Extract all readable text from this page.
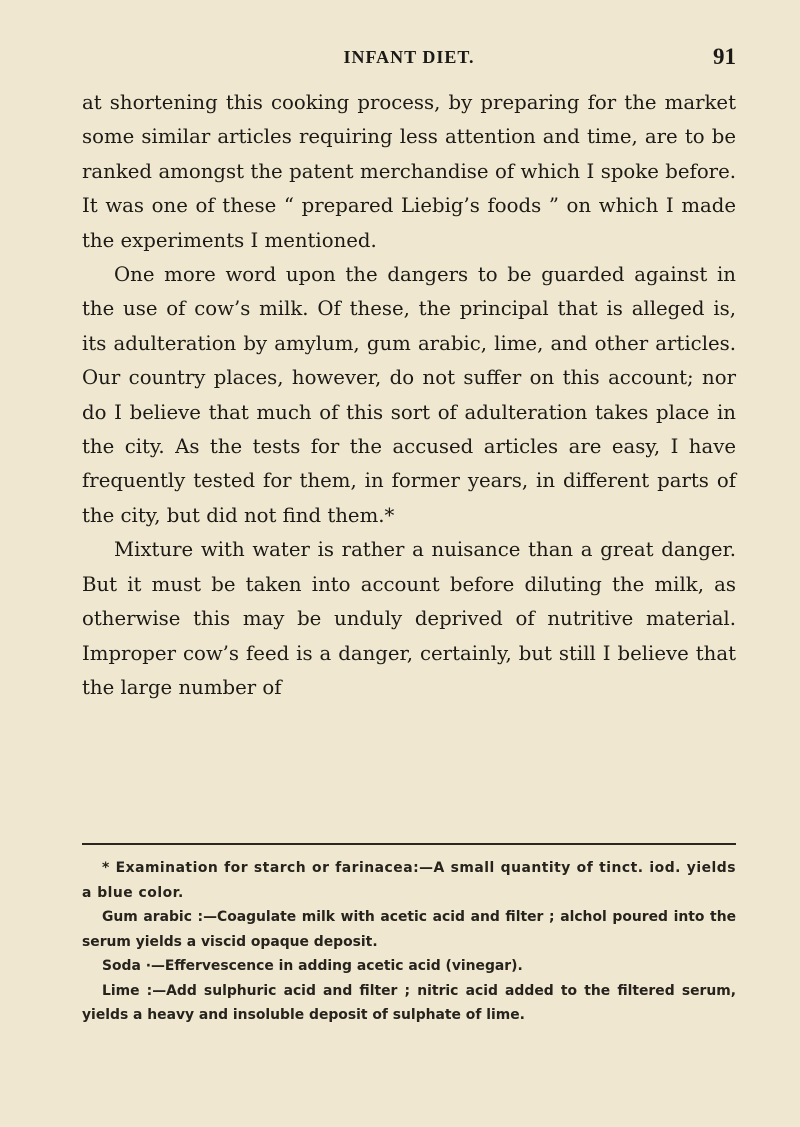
INFANT DIET.	91

at shortening this cooking process, by preparing for the market some similar articles requiring less attention and time, are to be ranked amongst the patent merchandise of which I spoke before. It was one of these “ prepared Liebig’s foods ” on which I made the experiments I mentioned.

One more word upon the dangers to be guarded against in the use of cow’s milk. Of these, the principal that is alleged is, its adulteration by amylum, gum arabic, lime, and other articles. Our country places, however, do not suffer on this account; nor do I believe that much of this sort of adulteration takes place in the city. As the tests for the accused articles are easy, I have frequently tested for them, in former years, in different parts of the city, but did not find them.*

Mixture with water is rather a nuisance than a great danger. But it must be taken into account before diluting the milk, as otherwise this may be unduly deprived of nutritive material. Improper cow’s feed is a danger, certainly, but still I believe that the large number of

* Examination for starch or farinacea:—A small quantity of tinct. iod. yields a blue color.

Gum arabic :—Coagulate milk with acetic acid and filter ; alchol poured into the serum yields a viscid opaque deposit.

Soda ·—Effervescence in adding acetic acid (vinegar).

Lime :—Add sulphuric acid and filter ; nitric acid added to the filtered serum, yields a heavy and insoluble deposit of sulphate of lime.
